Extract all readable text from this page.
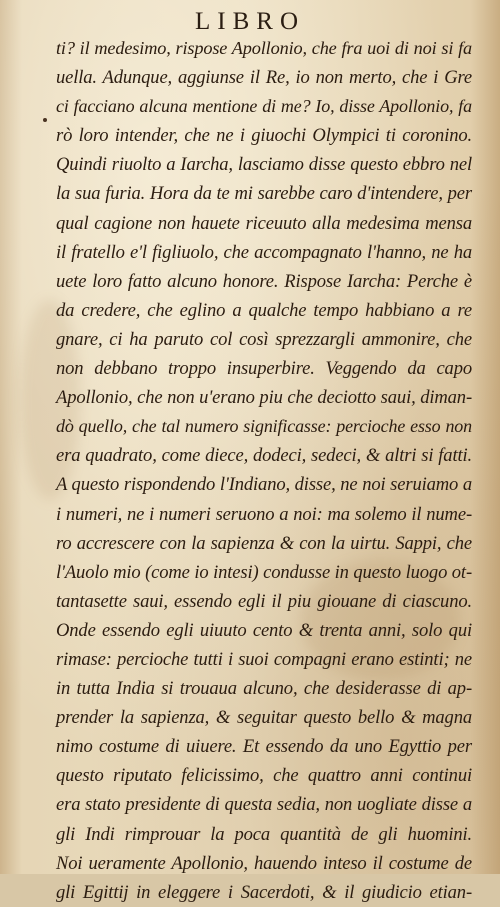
LIBRO
ti? il medesimo, rispose Apollonio, che fra uoi di noi si fa
uella. Adunque, aggiunse il Re, io non merto, che i Gre
ci facciano alcuna mentione di me? Io, disse Apollonio, fa
rò loro intender, che ne i giuochi Olympici ti coronino.
Quindi riuolto a Iarcha, lasciamo disse questo ebbro nel
la sua furia. Hora da te mi sarebbe caro d'intendere, per
qual cagione non hauete riceuuto alla medesima mensa
il fratello e'l figliuolo, che accompagnato l'hanno, ne ha
uete loro fatto alcuno honore. Rispose Iarcha: Perche è
da credere, che eglino a qualche tempo habbiano a re
gnare, ci ha paruto col così sprezzargli ammonire, che
non debbano troppo insuperbire. Veggendo da capo
Apollonio, che non u'erano piu che deciotto saui, diman-
dò quello, che tal numero significasse: percioche esso non
era quadrato, come diece, dodeci, sedeci, & altri si fatti.
A questo rispondendo l'Indiano, disse, ne noi seruiamo a
i numeri, ne i numeri seruono a noi: ma solemo il nume-
ro accrescere con la sapienza & con la uirtu. Sappi, che
l'Auolo mio (come io intesi) condusse in questo luogo ot-
tantasette saui, essendo egli il piu giouane di ciascuno.
Onde essendo egli uiuuto cento & trenta anni, solo qui
rimase: percioche tutti i suoi compagni erano estinti; ne
in tutta India si trouaua alcuno, che desiderasse di ap-
prender la sapienza, & seguitar questo bello & magna
nimo costume di uiuere. Et essendo da uno Egyttio per
questo riputato felicissimo, che quattro anni continui
era stato presidente di questa sedia, non uogliate disse a
gli Indi rimprouar la poca quantità de gli huomini.
Noi ueramente Apollonio, hauendo inteso il costume de
gli Egittij in eleggere i Sacerdoti, & il giudicio etian-
